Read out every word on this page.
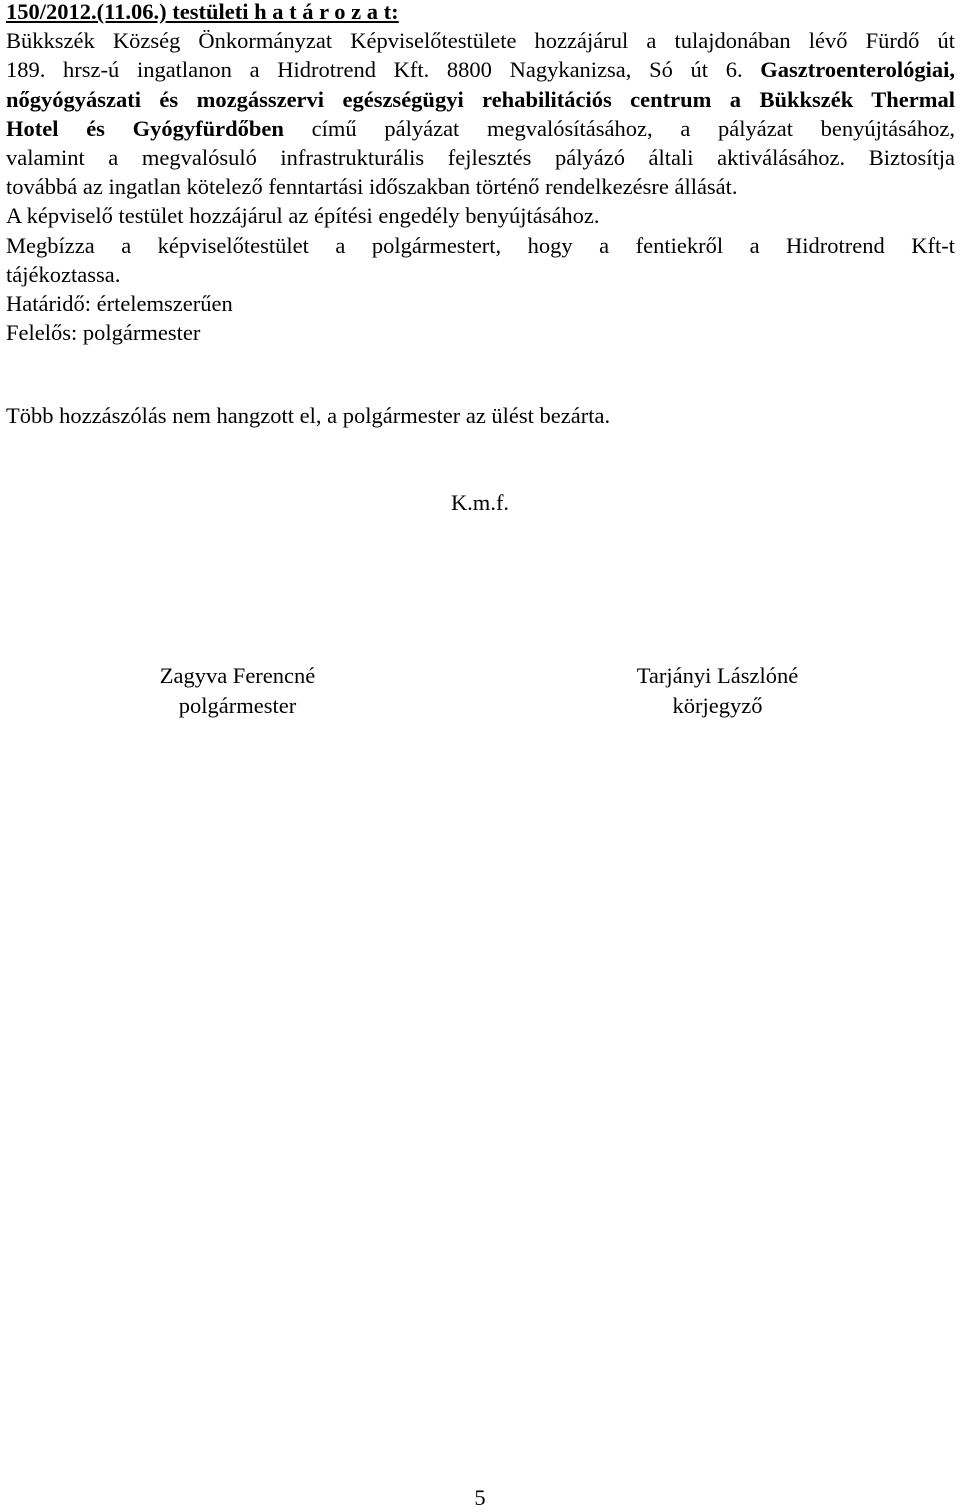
150/2012.(11.06.) testületi h a t á r o z a t:
Bükkszék Község Önkormányzat Képviselőtestülete hozzájárul a tulajdonában lévő Fürdő út
189. hrsz-ú ingatlanon a Hidrotrend Kft. 8800 Nagykanizsa, Só út 6. Gasztroenterológiai,
nőgyógyászati és mozgásszervi egészségügyi rehabilitációs centrum a Bükkszék Thermal
Hotel és Gyógyfürdőben című pályázat megvalósításához, a pályázat benyújtásához,
valamint a megvalósuló infrastrukturális fejlesztés pályázó általi aktiválásához. Biztosítja
továbbá az ingatlan kötelező fenntartási időszakban történő rendelkezésre állását.
A képviselő testület hozzájárul az építési engedély benyújtásához.
Megbízza a képviselőtestület a polgármestert, hogy a fentiekről a Hidrotrend Kft-t
tájékoztassa.
Határidő: értelemszerűen
Felelős: polgármester
Több hozzászólás nem hangzott el, a polgármester az ülést bezárta.
K.m.f.
Zagyva Ferencné
polgármester
Tarjányi Lászlóné
körjegyző
5
